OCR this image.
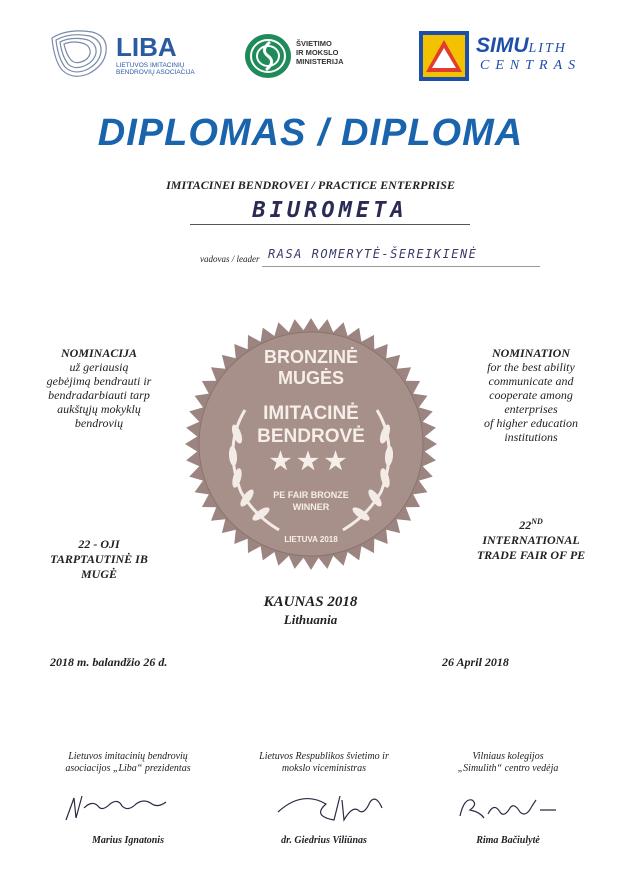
LIBA
LIETUVOS IMITACINIŲ
BENDROVIŲ ASOCIACIJA
ŠVIETIMO
IR MOKSLO
MINISTERIJA
SIMULITH
CENTRAS
DIPLOMAS / DIPLOMA
IMITACINEI BENDROVEI / PRACTICE ENTERPRISE
BIUROMETA
vadovas / leader RASA ROMERYTĖ-ŠEREIKIENĖ
NOMINACIJA
už geriausią
gebėjimą bendrauti ir
bendradarbiauti tarp
aukštųjų mokyklų
bendrovių
NOMINATION
for the best ability
communicate and
cooperate among
enterprises
of higher education
institutions
22 - OJI
TARPTAUTINĖ IB
MUGĖ
22ND
INTERNATIONAL
TRADE FAIR OF PE
BRONZINĖ
MUGĖS
IMITACINĖ
BENDROVĖ
★★★
PE FAIR BRONZE
WINNER
LIETUVA 2018
KAUNAS 2018
Lithuania
2018 m. balandžio 26 d.	26 April 2018
Lietuvos imitacinių bendrovių
asociacijos „Liba“ prezidentas
Lietuvos Respublikos švietimo ir
mokslo viceministras
Vilniaus kolegijos
„Simulith“ centro vedėja
Marius Ignatonis	dr. Giedrius Viliūnas	Rima Bačiulytė
